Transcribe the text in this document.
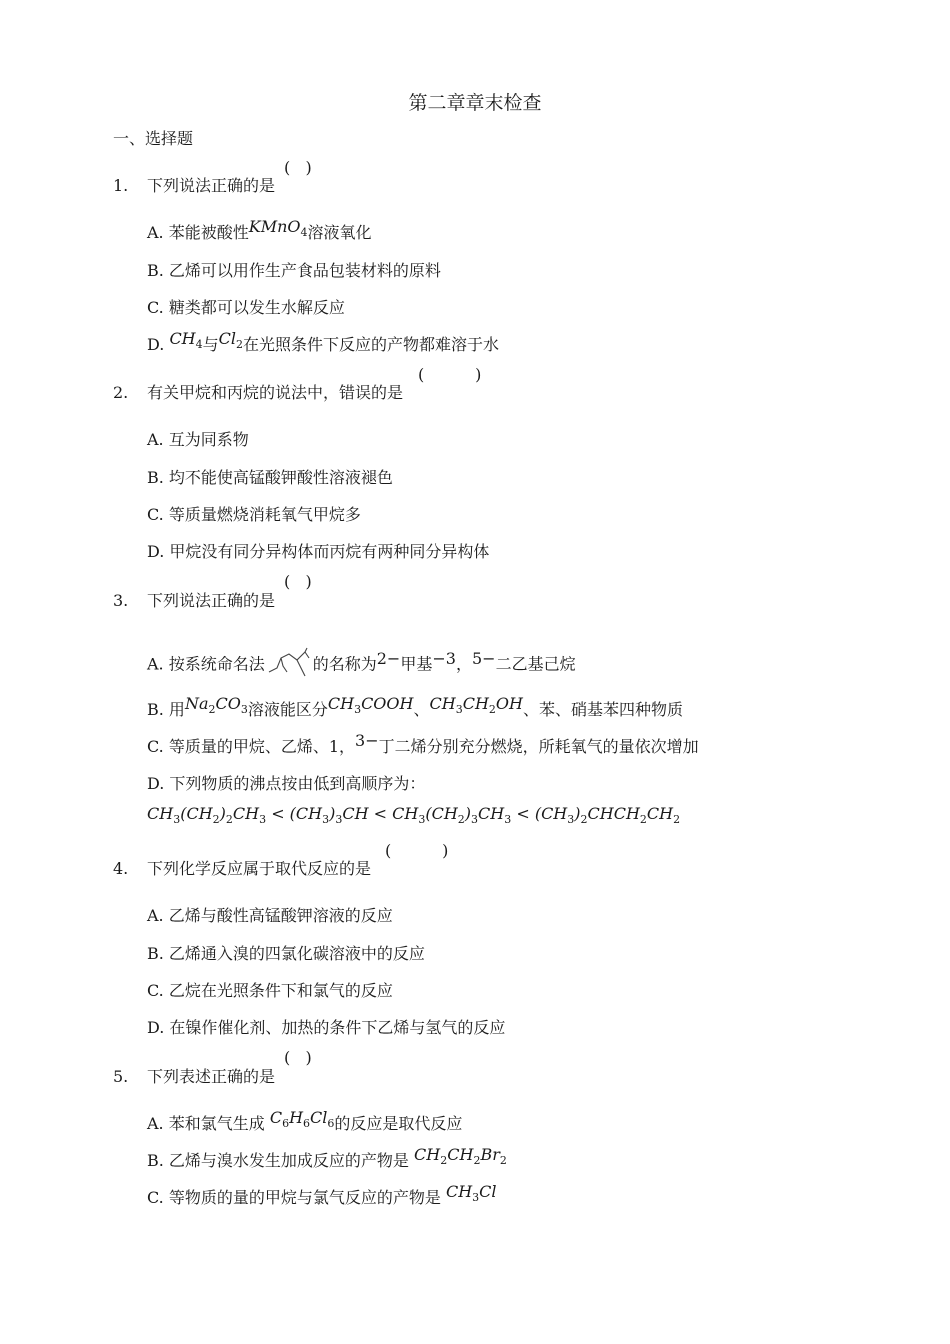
第二章章末检查
一、选择题
1. 下列说法正确的是
(   )
A. 苯能被酸性KMnO$_4$溶液氧化
B. 乙烯可以用作生产食品包装材料的原料
C. 糖类都可以发生水解反应
D. $CH_4$与$Cl_2$在光照条件下反应的产物都难溶于水
2. 有关甲烷和丙烷的说法中，错误的是
(          )
A. 互为同系物
B. 均不能使高锰酸钾酸性溶液褪色
C. 等质量燃烧消耗氧气甲烷多
D. 甲烷没有同分异构体而丙烷有两种同分异构体
3. 下列说法正确的是
(   )
A. 按系统命名法	的名称为2−甲基−3，5−二乙基己烷
B. 用$Na_2CO_3$溶液能区分$CH_3COOH$、$CH_3CH_2OH$、苯、硝基苯四种物质
C. 等质量的甲烷、乙烯、1，3−丁二烯分别充分燃烧，所耗氧气的量依次增加
D. 下列物质的沸点按由低到高顺序为：
$CH_3(CH_2)_2CH_3 < (CH_3)_3CH < CH_3(CH_2)_3CH_3$ < $(CH_3)_2CHCH_2CH_2$
4. 下列化学反应属于取代反应的是
(          )
A. 乙烯与酸性高锰酸钾溶液的反应
B. 乙烯通入溴的四氯化碳溶液中的反应
C. 乙烷在光照条件下和氯气的反应
D. 在镍作催化剂、加热的条件下乙烯与氢气的反应
5. 下列表述正确的是
(   )
A. 苯和氯气生成 $C_6H_6Cl_6$的反应是取代反应
B. 乙烯与溴水发生加成反应的产物是 $CH_2CH_2Br_2$
C. 等物质的量的甲烷与氯气反应的产物是 $CH_3Cl$
